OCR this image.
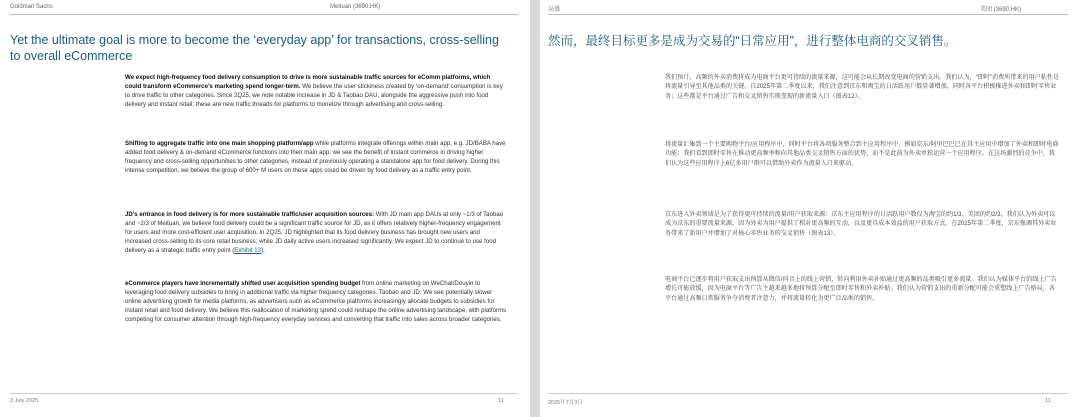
Goldman Sachs	Meituan (3690.HK)
Yet the ultimate goal is more to become the ‘everyday app’ for transactions, cross-selling to overall eCommerce
We expect high-frequency food delivery consumption to drive is more sustainable traffic sources for eComm platforms, which could transform eCommerce’s marketing spend longer-term. We believe the user stickiness created by ‘on-demand’ consumption is key to drive traffic to other categories. Since 2Q25, we note notable increase in JD & Taobao DAU, alongside the aggressive push into food delivery and instant retail; these are new traffic threads for platforms to monetize through advertising and cross-selling.
Shifting to aggregate traffic into one main shopping platform/app while platforms integrate offerings within main app, e.g. JD/BABA have added food delivery & on-demand eCommerce functions into their main app; we see the benefit of instant commerce in driving higher frequency and cross-selling opportunities to other categories, instead of previously operating a standalone app for food delivery. During this intense competition, we believe the group of 600+ M users on these apps could be driven by food delivery as a traffic entry point.
JD’s entrance in food delivery is for more sustainable traffic/user acquisition sources: With JD main app DAUs at only ~1/3 of Taobao and ~2/3 of Meituan, we believe food delivery could be a significant traffic source for JD, as it offers relatively higher-frequency engagement for users and more cost-efficient user acquisition. In 2Q25, JD highlighted that its food delivery business has brought new users and increased cross-selling to its core retail business; while JD daily active users increased significantly. We expect JD to continue to use food delivery as a strategic traffic entry point (Exhibit 13).
eCommerce players have incrementally shifted user acquisition spending budget from online marketing on WeChat/Douyin to leveraging food delivery subsidies to bring in additional traffic via higher frequency categories. Taobao and JD. We see potentially slower online advertising growth for media platforms, as advertisers such as eCommerce platforms increasingly allocate budgets to subsidies for instant retail and food delivery. We believe this reallocation of marketing spend could reshape the online advertising landscape, with platforms competing for consumer attention through high-frequency everyday services and converting that traffic into sales across broader categories.
3 July 2025	11
高盛	美团 (3690.HK)
然而，最终目标更多是成为交易的“日常应用”，进行整体电商的交叉销售。
我们预计，高频的外卖消费将成为电商平台更可持续的流量来源，这可能会从长期改变电商的营销支出。我们认为，“即时”消费所带来的用户粘性是将流量引导至其他品类的关键。自2025年第二季度以来，我们注意到京东和淘宝的日活跃用户数显著增加，同时各平台积极推进外卖和即时零售业务；这些都是平台通过广告和交叉销售实现变现的新流量入口（图表12）。
将流量汇集到一个主要购物平台/应用程序中，同时平台将各项服务整合到主应用程序中，例如京东/阿里巴巴已在其主应用中增加了外卖和即时电商功能；我们看到即时零售在推动更高频率和向其他品类交叉销售方面的优势，而不是此前为外卖单独运营一个应用程序。在这场激烈的竞争中，我们认为这些应用程序上6亿多用户群可以借助外卖作为流量入口来驱动。
京东进入外卖领域是为了获得更可持续的流量/用户获取来源：京东主应用程序的日活跃用户数仅为淘宝的约1/3、美团的约2/3，我们认为外卖可以成为京东的重要流量来源，因为外卖为用户提供了相对更高频的互动，以及更具成本效益的用户获取方式。在2025年第二季度，京东强调其外卖业务带来了新用户并增加了对核心零售业务的交叉销售（图表13）。
电商平台已逐步将用户获取支出预算从微信/抖音上的线上营销，转向利用外卖补贴通过更高频的品类吸引更多流量。我们认为媒体平台的线上广告增长可能放缓，因为电商平台等广告主越来越多地将预算分配至即时零售和外卖补贴。我们认为营销支出的重新分配可能会重塑线上广告格局，各平台通过高频日常服务争夺消费者注意力，并将流量转化为更广泛品类的销售。
2025年7月3日	11
